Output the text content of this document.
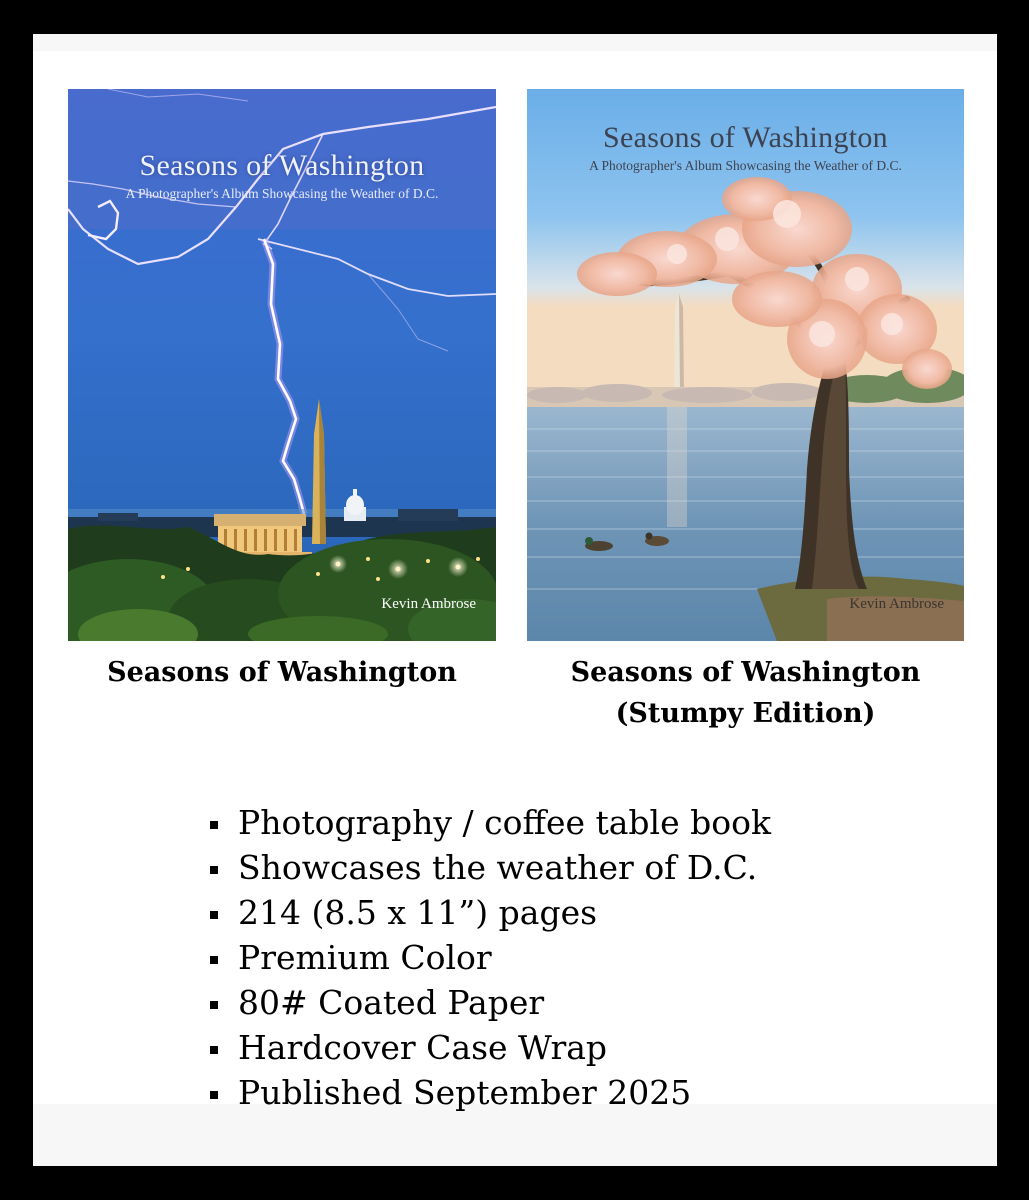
Seasons of Washington
A Photographer's Album Showcasing the Weather of D.C.
Kevin Ambrose
Seasons of Washington
A Photographer's Album Showcasing the Weather of D.C.
Kevin Ambrose
Seasons of Washington	Seasons of Washington
(Stumpy Edition)
Photography / coffee table book
Showcases the weather of D.C.
214 (8.5 x 11”) pages
Premium Color
80# Coated Paper
Hardcover Case Wrap
Published September 2025
